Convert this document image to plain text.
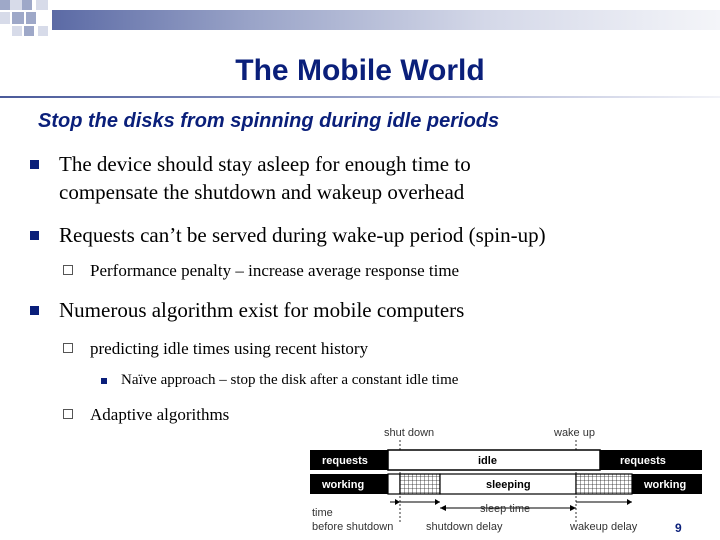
The Mobile World
Stop the disks from spinning during idle periods
The device should stay asleep for enough time to
compensate the shutdown and wakeup overhead
Requests can’t be served during wake-up period (spin-up)
Performance penalty – increase average response time
Numerous algorithm exist for mobile computers
predicting idle times using recent history
Naïve approach – stop the disk after a constant idle time
Adaptive algorithms
shut down	wake up
requests	idle	requests
working	sleeping	working
time
before shutdown
sleep time
shutdown delay	wakeup delay	9
